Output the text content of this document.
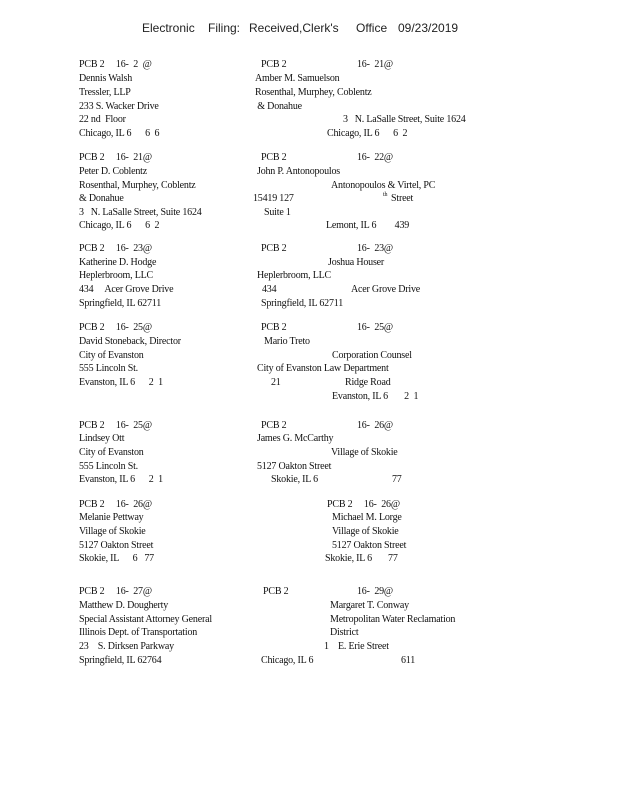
Electronic Filing: Received,Clerk's Office 09/23/2019
PCB 2     16-  2  @
Dennis Walsh
Tressler, LLP
233 S. Wacker Drive
22 nd  Floor
Chicago, IL 6      6  6
PCB 2	16-  21@
Amber M. Samuelson
Rosenthal, Murphey, Coblentz
& Donahue
3   N. LaSalle Street, Suite 1624
Chicago, IL 6      6  2
PCB 2     16-  21@
Peter D. Coblentz
Rosenthal, Murphey, Coblentz
& Donahue
3   N. LaSalle Street, Suite 1624
Chicago, IL 6      6  2
PCB 2	16-  22@
John P. Antonopoulos
Antonopoulos & Virtel, PC
15419 127	th Street
Suite 1
Lemont, IL 6        439
PCB 2     16-  23@
Katherine D. Hodge
Heplerbroom, LLC
434     Acer Grove Drive
Springfield, IL 62711
PCB 2	16-  23@
Joshua Houser
Heplerbroom, LLC
434	Acer Grove Drive
Springfield, IL 62711
PCB 2     16-  25@
David Stoneback, Director
City of Evanston
555 Lincoln St.
Evanston, IL 6      2  1
PCB 2	16-  25@
Mario Treto
Corporation Counsel
City of Evanston Law Department
21	Ridge Road
Evanston, IL 6       2  1
PCB 2     16-  25@
Lindsey Ott
City of Evanston
555 Lincoln St.
Evanston, IL 6      2  1
PCB 2	16-  26@
James G. McCarthy
Village of Skokie
5127 Oakton Street
Skokie, IL 6	77
PCB 2     16-  26@
Melanie Pettway
Village of Skokie
5127 Oakton Street
Skokie, IL      6   77
PCB 2     16-  26@
Michael M. Lorge
Village of Skokie
5127 Oakton Street
Skokie, IL 6       77
PCB 2     16-  27@
Matthew D. Dougherty
Special Assistant Attorney General
Illinois Dept. of Transportation
23    S. Dirksen Parkway
Springfield, IL 62764
PCB 2	16-  29@
Margaret T. Conway
Metropolitan Water Reclamation
District
1    E. Erie Street
Chicago, IL 6	611
